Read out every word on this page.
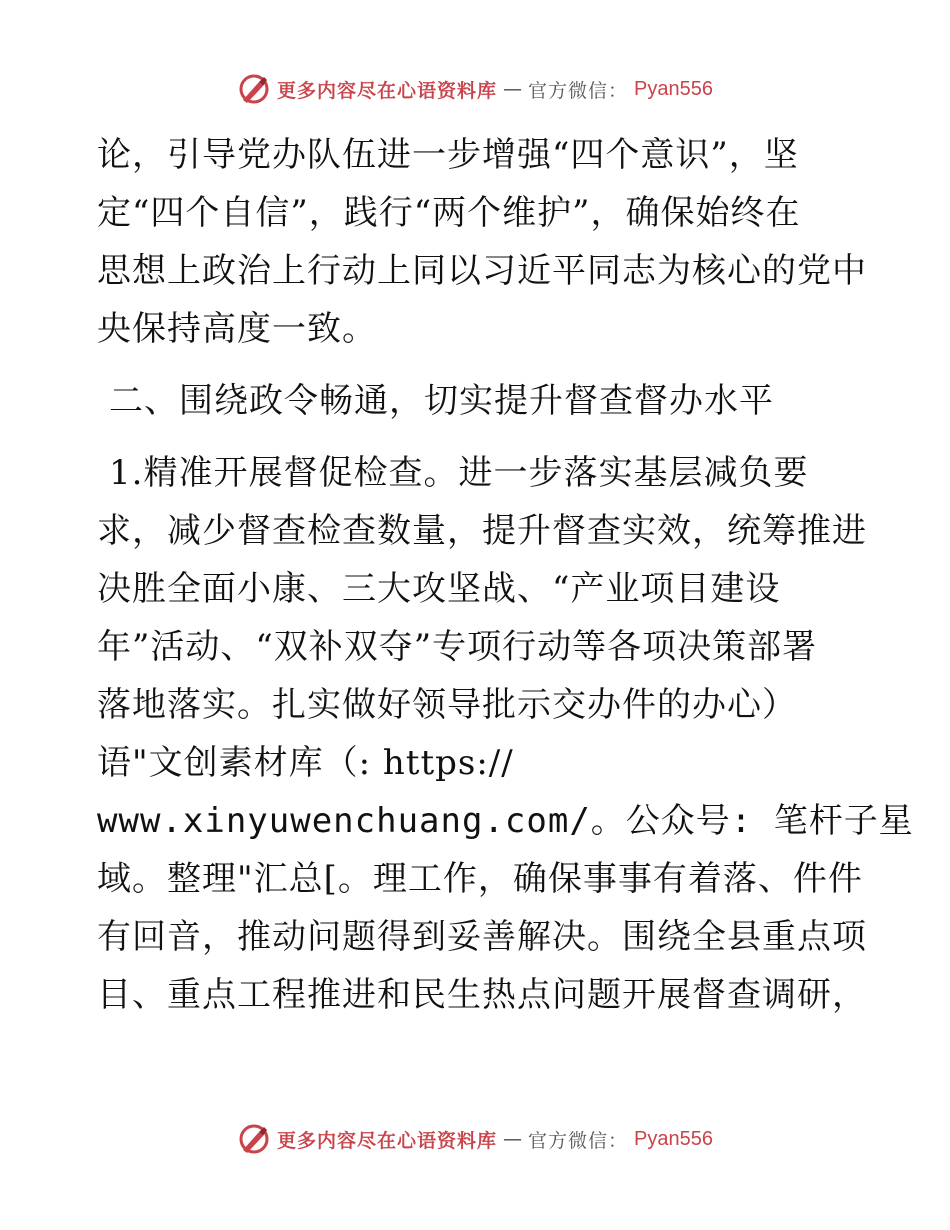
更多内容尽在心语资料库 — 官方微信： Pyan556
论，引导党办队伍进一步增强“四个意识”，坚
定“四个自信”，践行“两个维护”，确保始终在
思想上政治上行动上同以习近平同志为核心的党中
央保持高度一致。
二、围绕政令畅通，切实提升督查督办水平
1.精准开展督促检查。进一步落实基层减负要
求，减少督查检查数量，提升督查实效，统筹推进
决胜全面小康、三大攻坚战、“产业项目建设
年”活动、“双补双夺”专项行动等各项决策部署
落地落实。扎实做好领导批示交办件的办心）
语"文创素材库（: https://
www.xinyuwenchuang.com/。公众号: 笔杆子星
域。整理"汇总[。理工作，确保事事有着落、件件
有回音，推动问题得到妥善解决。围绕全县重点项
目、重点工程推进和民生热点问题开展督查调研，
更多内容尽在心语资料库 — 官方微信： Pyan556
